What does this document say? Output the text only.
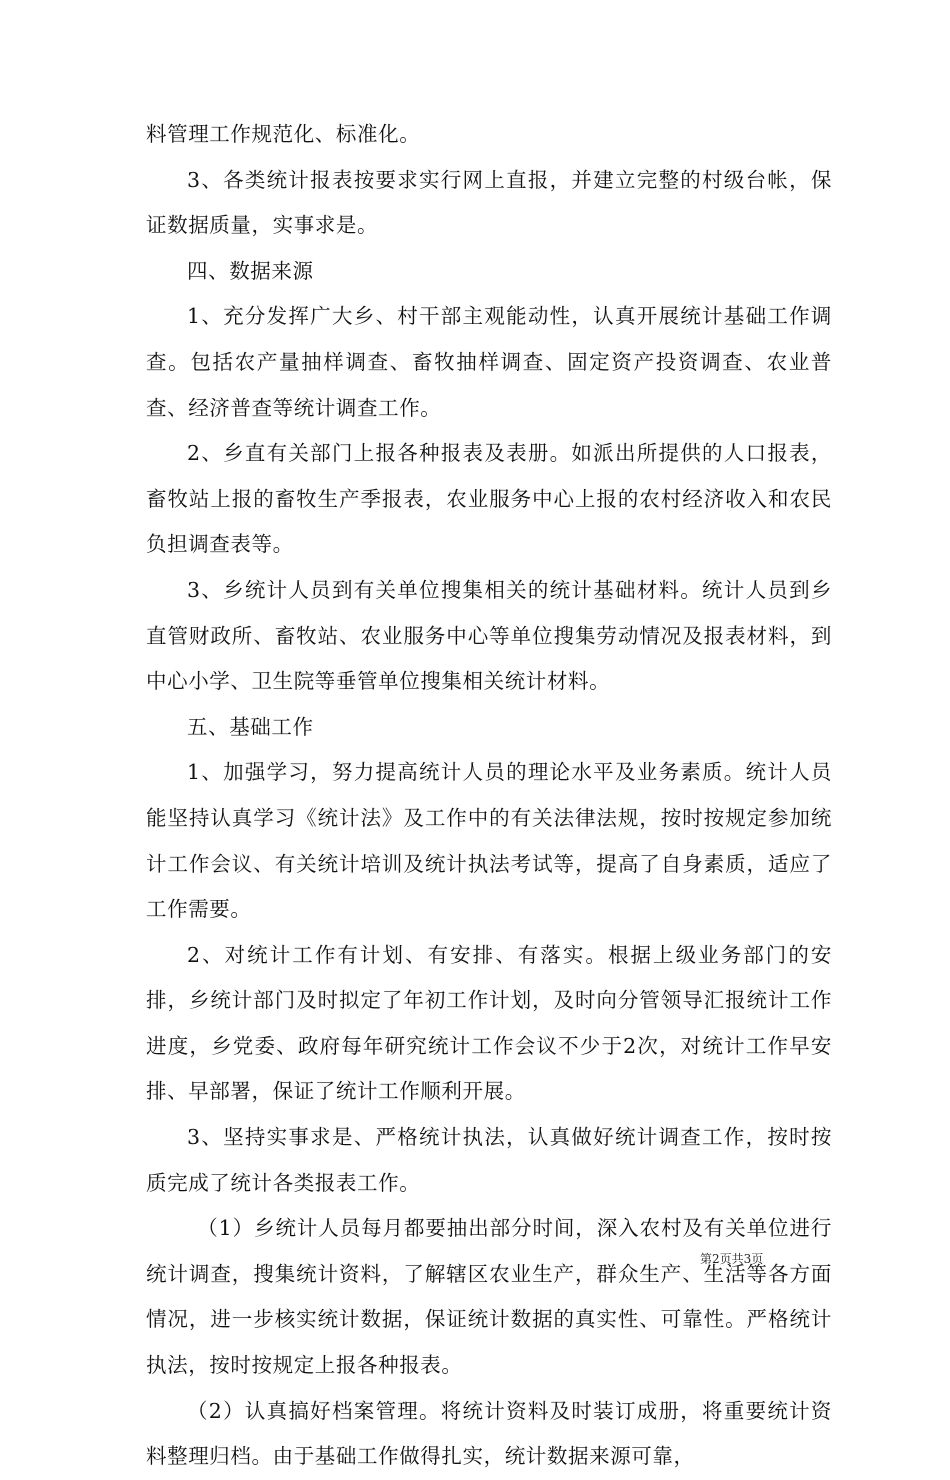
料管理工作规范化、标准化。

3、各类统计报表按要求实行网上直报，并建立完整的村级台帐，保证数据质量，实事求是。

四、数据来源

1、充分发挥广大乡、村干部主观能动性，认真开展统计基础工作调查。包括农产量抽样调查、畜牧抽样调查、固定资产投资调查、农业普查、经济普查等统计调查工作。

2、乡直有关部门上报各种报表及表册。如派出所提供的人口报表，畜牧站上报的畜牧生产季报表，农业服务中心上报的农村经济收入和农民负担调查表等。

3、乡统计人员到有关单位搜集相关的统计基础材料。统计人员到乡直管财政所、畜牧站、农业服务中心等单位搜集劳动情况及报表材料，到中心小学、卫生院等垂管单位搜集相关统计材料。

五、基础工作

1、加强学习，努力提高统计人员的理论水平及业务素质。统计人员能坚持认真学习《统计法》及工作中的有关法律法规，按时按规定参加统计工作会议、有关统计培训及统计执法考试等，提高了自身素质，适应了工作需要。

2、对统计工作有计划、有安排、有落实。根据上级业务部门的安排，乡统计部门及时拟定了年初工作计划，及时向分管领导汇报统计工作进度，乡党委、政府每年研究统计工作会议不少于2次，对统计工作早安排、早部署，保证了统计工作顺利开展。

3、坚持实事求是、严格统计执法，认真做好统计调查工作，按时按质完成了统计各类报表工作。

（1）乡统计人员每月都要抽出部分时间，深入农村及有关单位进行统计调查，搜集统计资料，了解辖区农业生产，群众生产、生活等各方面情况，进一步核实统计数据，保证统计数据的真实性、可靠性。严格统计执法，按时按规定上报各种报表。

（2）认真搞好档案管理。将统计资料及时装订成册，将重要统计资料整理归档。由于基础工作做得扎实，统计数据来源可靠，

第2页共3页
